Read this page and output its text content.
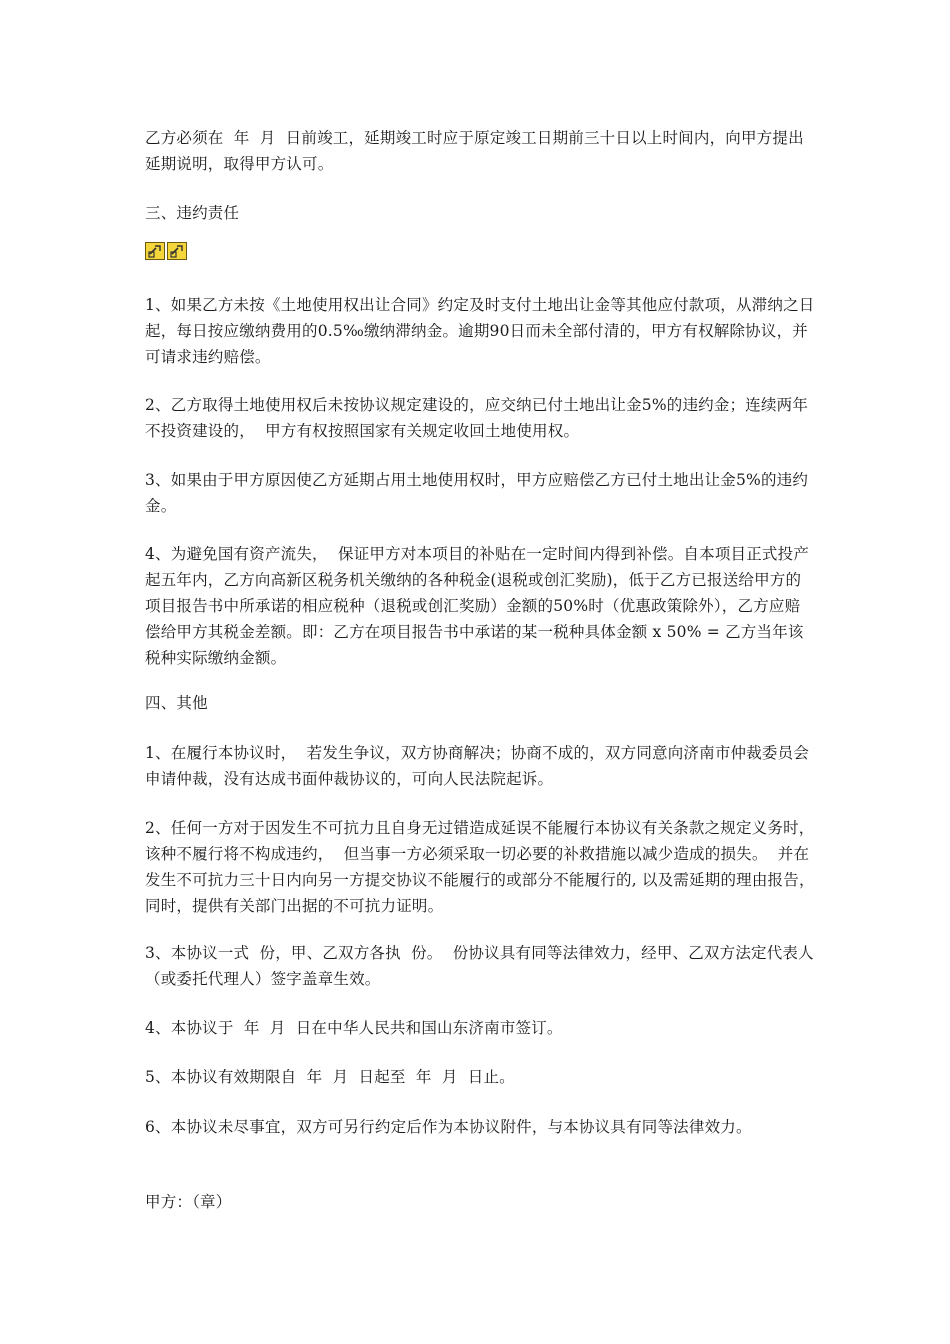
乙方必须在  年  月  日前竣工，延期竣工时应于原定竣工日期前三十日以上时间内，向甲方提出延期说明，取得甲方认可。

三、违约责任

1、如果乙方未按《土地使用权出让合同》约定及时支付土地出让金等其他应付款项，从滞纳之日起，每日按应缴纳费用的0.5‰缴纳滞纳金。逾期90日而未全部付清的，甲方有权解除协议，并可请求违约赔偿。

2、乙方取得土地使用权后未按协议规定建设的，应交纳已付土地出让金5%的违约金；连续两年不投资建设的，  甲方有权按照国家有关规定收回土地使用权。

3、如果由于甲方原因使乙方延期占用土地使用权时，甲方应赔偿乙方已付土地出让金5%的违约金。

4、为避免国有资产流失，  保证甲方对本项目的补贴在一定时间内得到补偿。自本项目正式投产起五年内，乙方向高新区税务机关缴纳的各种税金(退税或创汇奖励)，低于乙方已报送给甲方的项目报告书中所承诺的相应税种（退税或创汇奖励）金额的50%时（优惠政策除外），乙方应赔偿给甲方其税金差额。即：乙方在项目报告书中承诺的某一税种具体金额 x 50% = 乙方当年该税种实际缴纳金额。

四、其他

1、在履行本协议时，  若发生争议，双方协商解决；协商不成的，双方同意向济南市仲裁委员会申请仲裁，没有达成书面仲裁协议的，可向人民法院起诉。

2、任何一方对于因发生不可抗力且自身无过错造成延误不能履行本协议有关条款之规定义务时，该种不履行将不构成违约，  但当事一方必须采取一切必要的补救措施以减少造成的损失。  并在发生不可抗力三十日内向另一方提交协议不能履行的或部分不能履行的, 以及需延期的理由报告，同时，提供有关部门出据的不可抗力证明。

3、本协议一式  份，甲、乙双方各执  份。  份协议具有同等法律效力，经甲、乙双方法定代表人（或委托代理人）签字盖章生效。

4、本协议于  年  月  日在中华人民共和国山东济南市签订。

5、本协议有效期限自  年  月  日起至  年  月  日止。

6、本协议未尽事宜，双方可另行约定后作为本协议附件，与本协议具有同等法律效力。

甲方：（章）
